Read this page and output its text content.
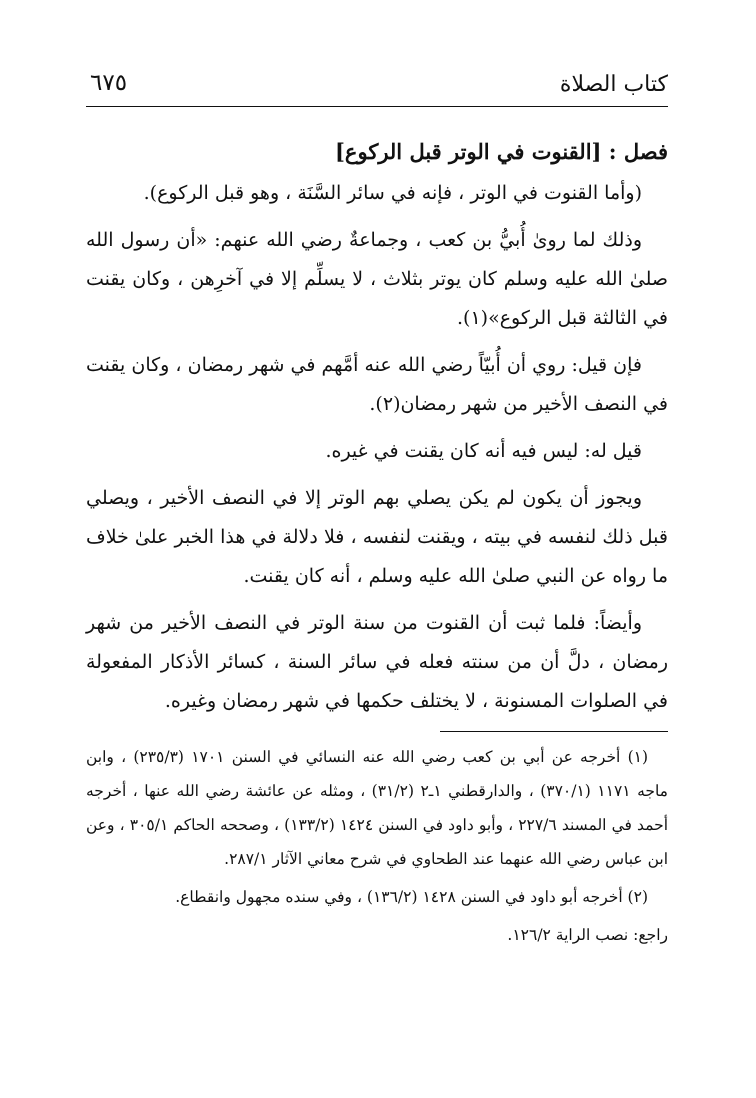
كتاب الصلاة
٦٧٥

فصل : [القنوت في الوتر قبل الركوع]

(وأما القنوت في الوتر ، فإنه في سائر السَّنَة ، وهو قبل الركوع).

وذلك لما روىٰ أُبيُّ بن كعب ، وجماعةٌ رضي الله عنهم: «أن رسول الله صلىٰ الله عليه وسلم كان يوتر بثلاث ، لا يسلِّم إلا في آخرِهن ، وكان يقنت في الثالثة قبل الركوع»(١).

فإن قيل: روي أن أُبيّاً رضي الله عنه أمَّهم في شهر رمضان ، وكان يقنت في النصف الأخير من شهر رمضان(٢).

قيل له: ليس فيه أنه كان يقنت في غيره.

ويجوز أن يكون لم يكن يصلي بهم الوتر إلا في النصف الأخير ، ويصلي قبل ذلك لنفسه في بيته ، ويقنت لنفسه ، فلا دلالة في هذا الخبر علىٰ خلاف ما رواه عن النبي صلىٰ الله عليه وسلم ، أنه كان يقنت.

وأيضاً: فلما ثبت أن القنوت من سنة الوتر في النصف الأخير من شهر رمضان ، دلَّ أن من سنته فعله في سائر السنة ، كسائر الأذكار المفعولة في الصلوات المسنونة ، لا يختلف حكمها في شهر رمضان وغيره.

(١) أخرجه عن أبي بن كعب رضي الله عنه النسائي في السنن ١٧٠١ (٢٣٥/٣) ، وابن ماجه ١١٧١ (٣٧٠/١) ، والدارقطني ١ـ٢ (٣١/٢) ، ومثله عن عائشة رضي الله عنها ، أخرجه أحمد في المسند ٢٢٧/٦ ، وأبو داود في السنن ١٤٢٤ (١٣٣/٢) ، وصححه الحاكم ٣٠٥/١ ، وعن ابن عباس رضي الله عنهما عند الطحاوي في شرح معاني الآثار ٢٨٧/١.

(٢) أخرجه أبو داود في السنن ١٤٢٨ (١٣٦/٢) ، وفي سنده مجهول وانقطاع.

راجع: نصب الراية ١٢٦/٢.
